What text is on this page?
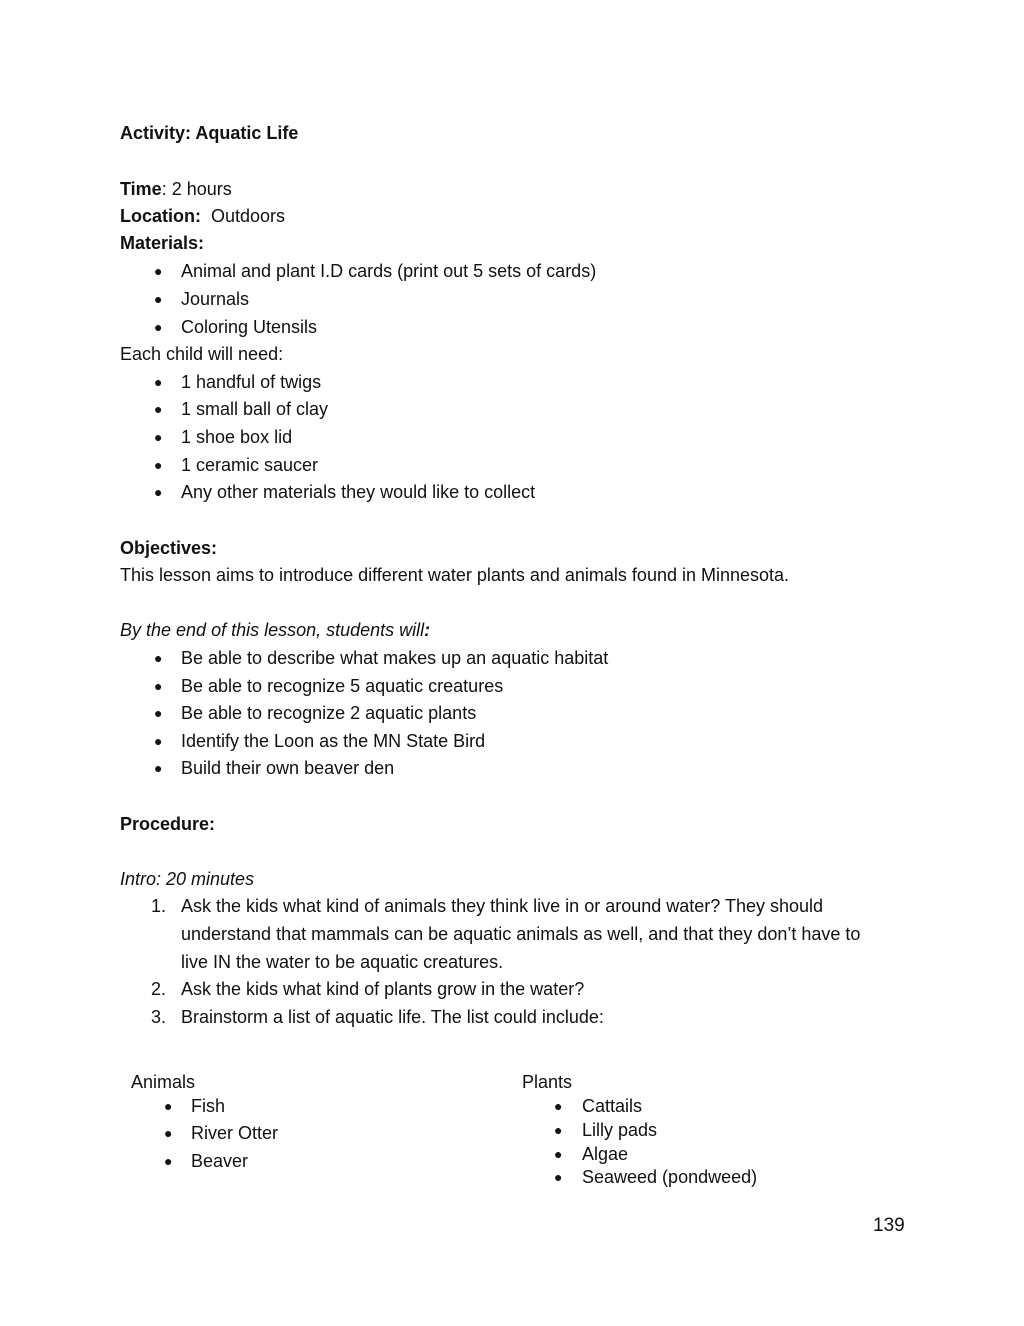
Activity: Aquatic Life
Time: 2 hours
Location: Outdoors
Materials:
● Animal and plant I.D cards (print out 5 sets of cards)
● Journals
● Coloring Utensils
Each child will need:
● 1 handful of twigs
● 1 small ball of clay
● 1 shoe box lid
● 1 ceramic saucer
● Any other materials they would like to collect
Objectives:
This lesson aims to introduce different water plants and animals found in Minnesota.
By the end of this lesson, students will:
● Be able to describe what makes up an aquatic habitat
● Be able to recognize 5 aquatic creatures
● Be able to recognize 2 aquatic plants
● Identify the Loon as the MN State Bird
● Build their own beaver den
Procedure:
Intro: 20 minutes
1. Ask the kids what kind of animals they think live in or around water? They should
understand that mammals can be aquatic animals as well, and that they don’t have to
live IN the water to be aquatic creatures.
2. Ask the kids what kind of plants grow in the water?
3. Brainstorm a list of aquatic life. The list could include:
Animals
● Fish
● River Otter
● Beaver
Plants
● Cattails
● Lilly pads
● Algae
● Seaweed (pondweed)
139
